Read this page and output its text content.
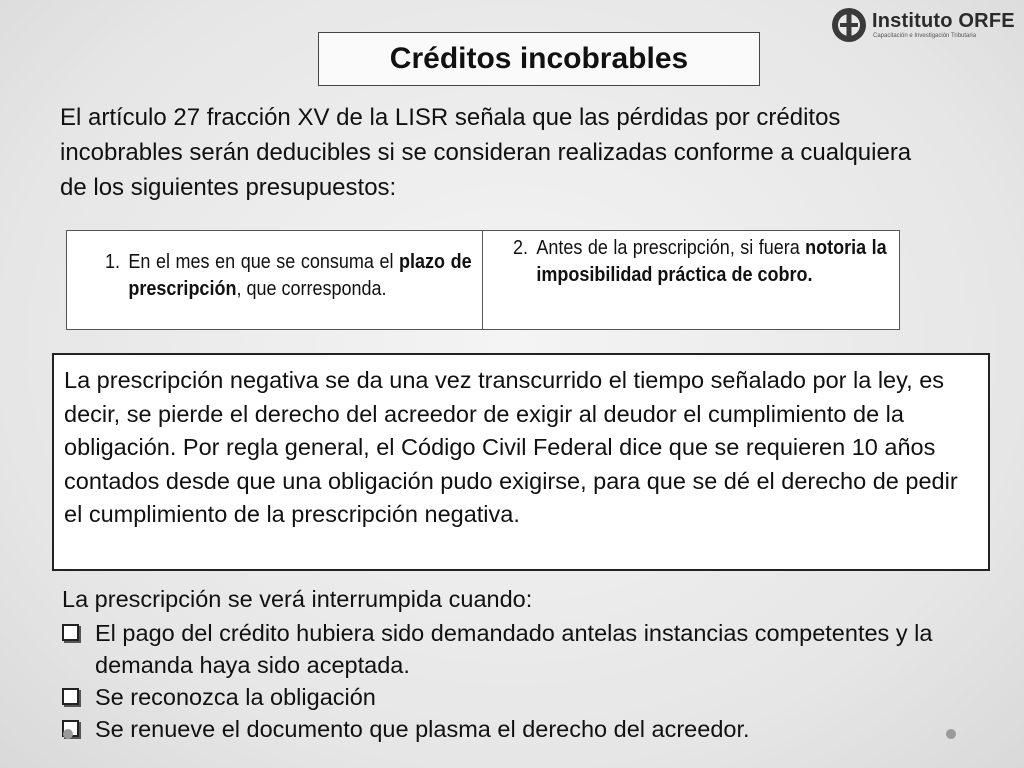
Instituto ORFE
Capacitación e Investigación Tributaria
Créditos incobrables
El artículo 27 fracción XV de la LISR señala que las pérdidas por créditos incobrables serán deducibles si se consideran realizadas conforme a cualquiera de los siguientes presupuestos:
1. En el mes en que se consuma el plazo de prescripción, que corresponda.
2. Antes de la prescripción, si fuera notoria la imposibilidad práctica de cobro.
La prescripción negativa se da una vez transcurrido el tiempo señalado por la ley, es decir, se pierde el derecho del acreedor de exigir al deudor el cumplimiento de la obligación. Por regla general, el Código Civil Federal dice que se requieren 10 años contados desde que una obligación pudo exigirse, para que se dé el derecho de pedir el cumplimiento de la prescripción negativa.
La prescripción se verá interrumpida cuando:
El pago del crédito hubiera sido demandado antelas instancias competentes y la demanda haya sido aceptada.
Se reconozca la obligación
Se renueve el documento que plasma el derecho del acreedor.
